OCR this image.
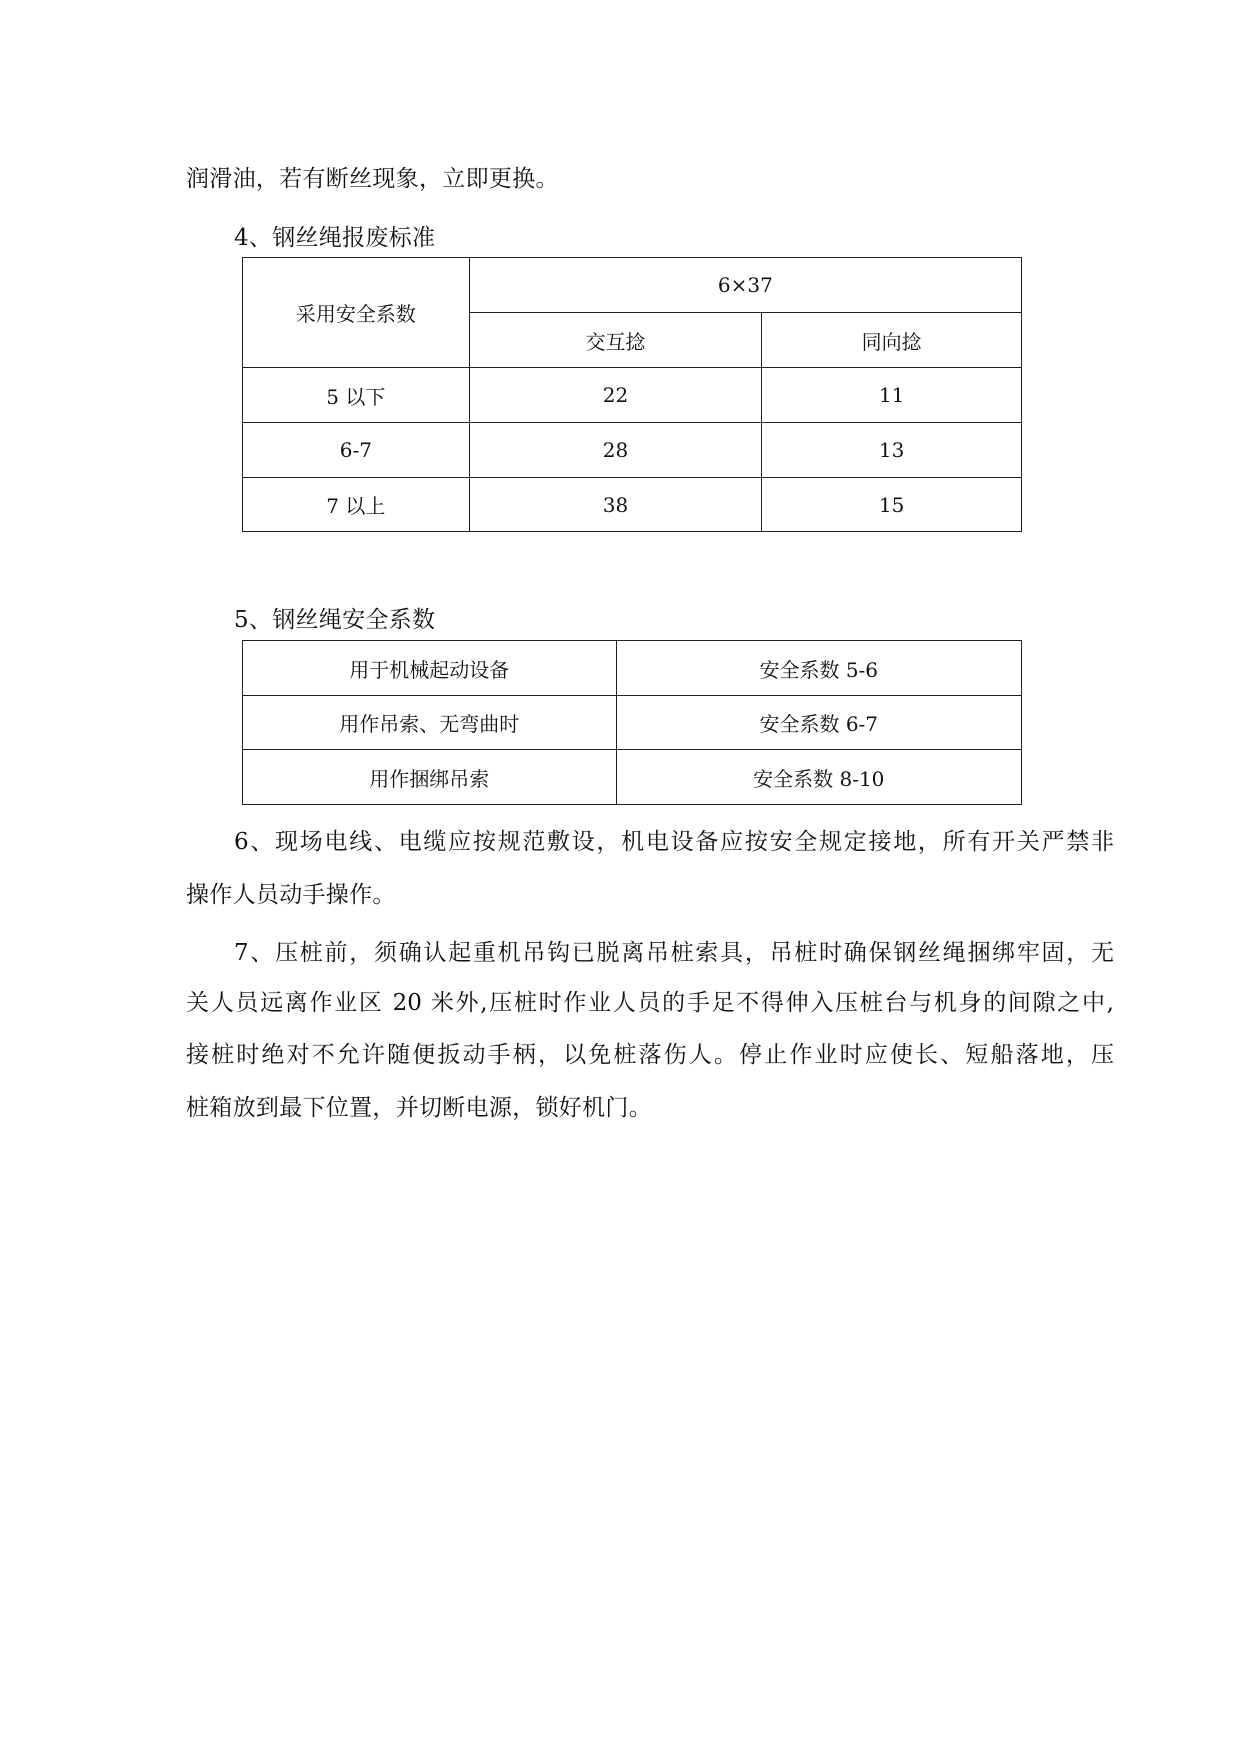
润滑油，若有断丝现象，立即更换。
4、钢丝绳报废标准
采用安全系数	6×37	
	交互捻	同向捻
5 以下	22	11
6-7	28	13
7 以上	38	15
5、钢丝绳安全系数
用于机械起动设备	安全系数 5-6
用作吊索、无弯曲时	安全系数 6-7
用作捆绑吊索	安全系数 8-10
6、现场电线、电缆应按规范敷设，机电设备应按安全规定接地，所有开关严禁非
操作人员动手操作。
7、压桩前，须确认起重机吊钩已脱离吊桩索具，吊桩时确保钢丝绳捆绑牢固，无
关人员远离作业区 20 米外,压桩时作业人员的手足不得伸入压桩台与机身的间隙之中,
接桩时绝对不允许随便扳动手柄，以免桩落伤人。停止作业时应使长、短船落地，压
桩箱放到最下位置，并切断电源，锁好机门。
